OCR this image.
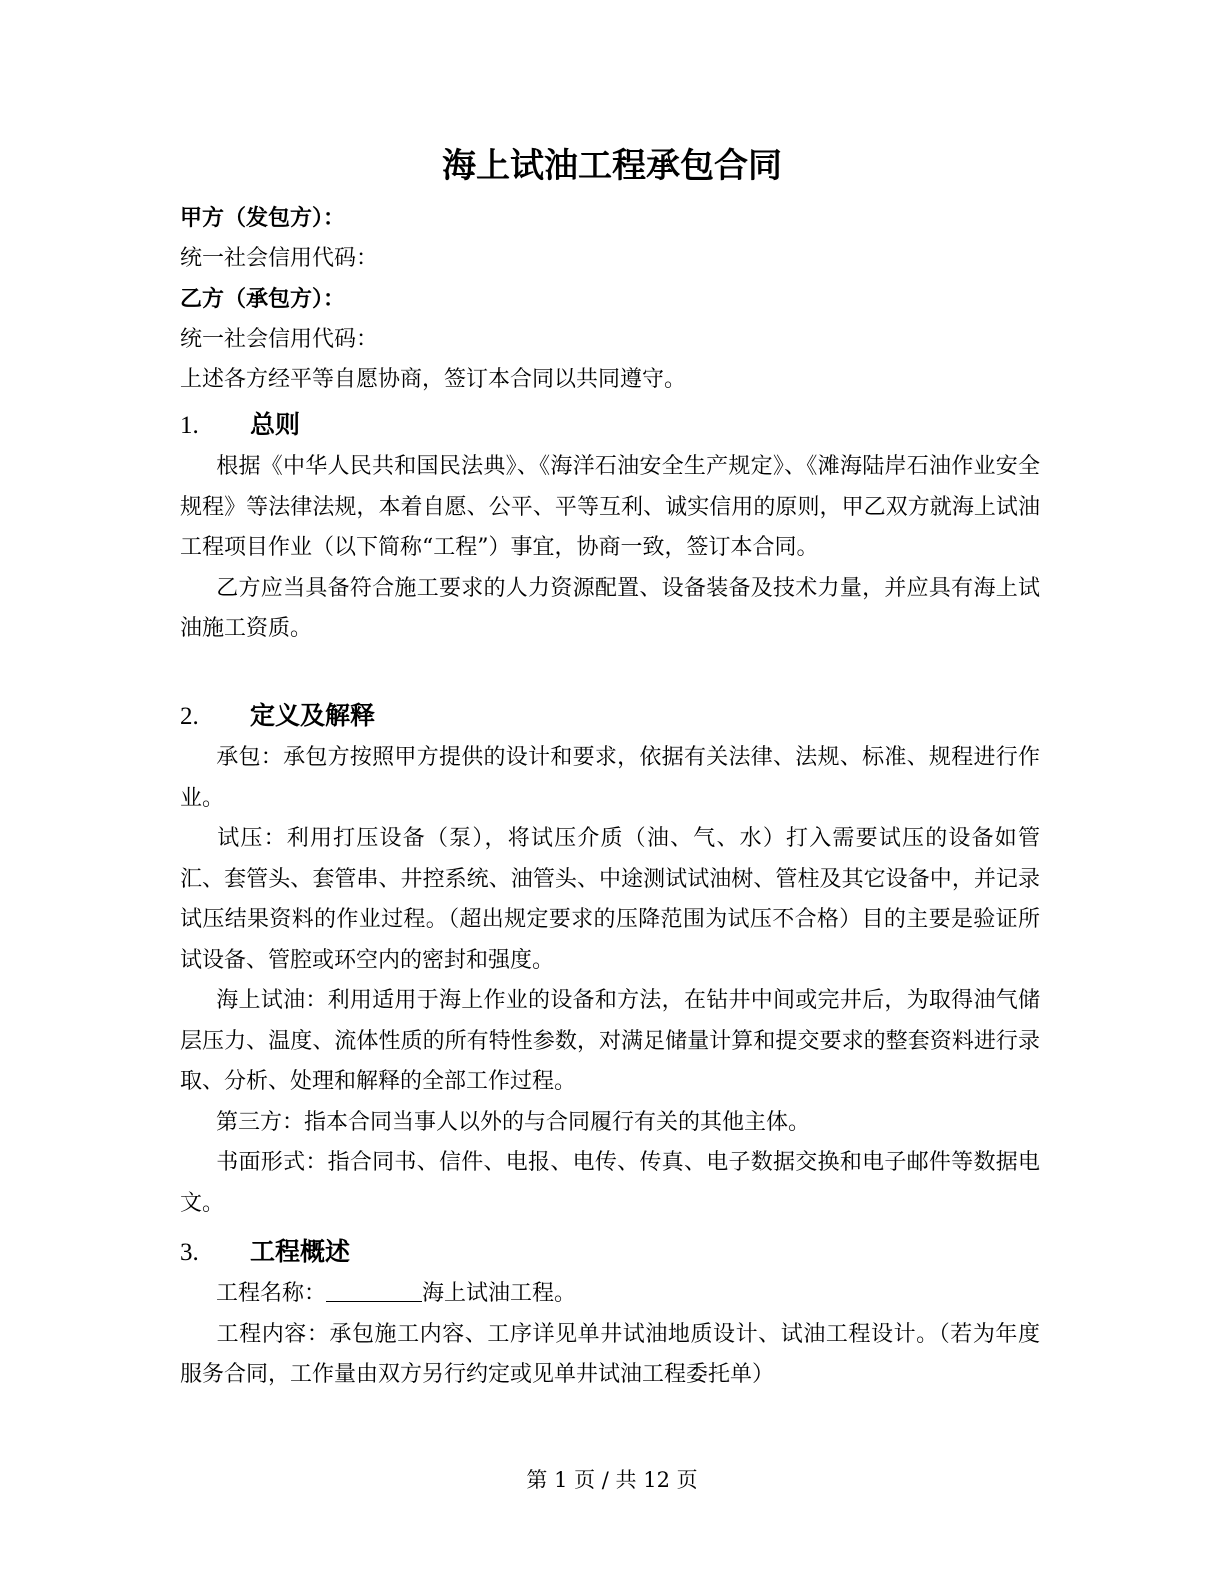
海上试油工程承包合同
甲方（发包方）：
统一社会信用代码：
乙方（承包方）：
统一社会信用代码：
上述各方经平等自愿协商，签订本合同以共同遵守。
1. 总则
根据《中华人民共和国民法典》、《海洋石油安全生产规定》、《滩海陆岸石油作业安全规程》等法律法规，本着自愿、公平、平等互利、诚实信用的原则，甲乙双方就海上试油工程项目作业（以下简称“工程”）事宜，协商一致，签订本合同。
乙方应当具备符合施工要求的人力资源配置、设备装备及技术力量，并应具有海上试油施工资质。
2. 定义及解释
承包：承包方按照甲方提供的设计和要求，依据有关法律、法规、标准、规程进行作业。
试压：利用打压设备（泵），将试压介质（油、气、水）打入需要试压的设备如管汇、套管头、套管串、井控系统、油管头、中途测试试油树、管柱及其它设备中，并记录试压结果资料的作业过程。（超出规定要求的压降范围为试压不合格）目的主要是验证所试设备、管腔或环空内的密封和强度。
海上试油：利用适用于海上作业的设备和方法，在钻井中间或完井后，为取得油气储层压力、温度、流体性质的所有特性参数，对满足储量计算和提交要求的整套资料进行录取、分析、处理和解释的全部工作过程。
第三方：指本合同当事人以外的与合同履行有关的其他主体。
书面形式：指合同书、信件、电报、电传、传真、电子数据交换和电子邮件等数据电文。
3. 工程概述
工程名称：	海上试油工程。
工程内容：承包施工内容、工序详见单井试油地质设计、试油工程设计。（若为年度服务合同，工作量由双方另行约定或见单井试油工程委托单）
第 1 页 / 共 12 页
